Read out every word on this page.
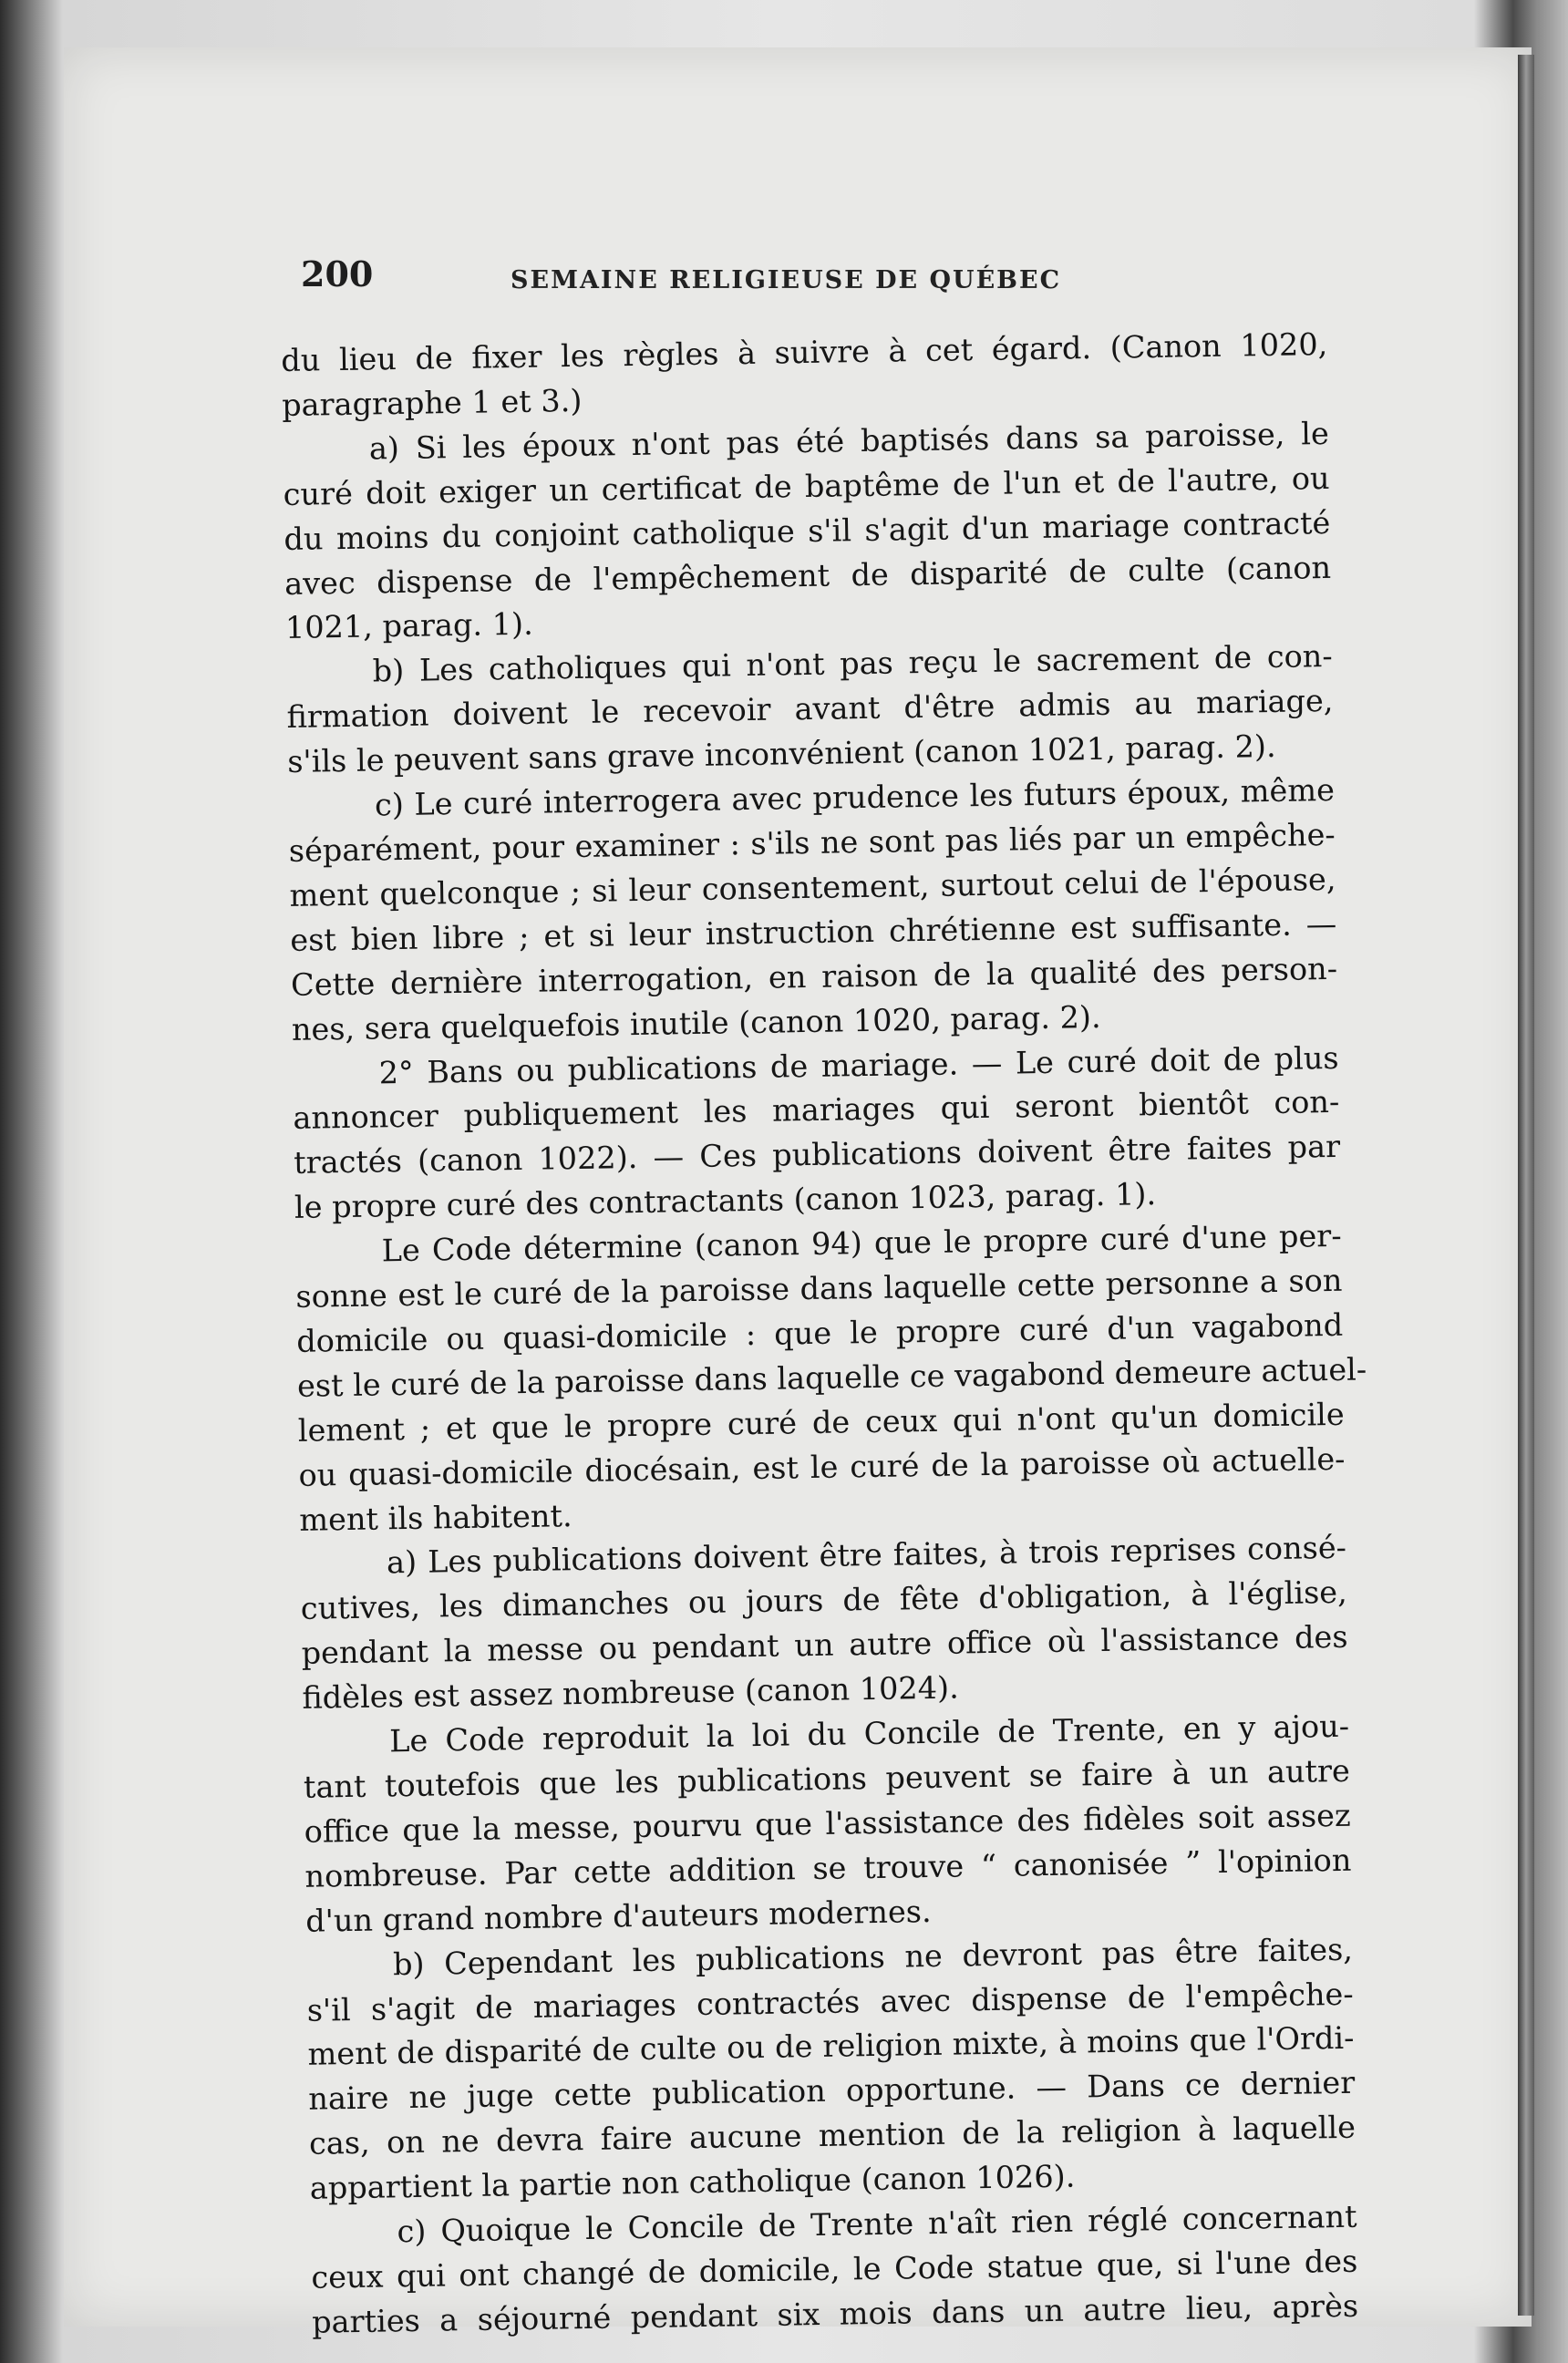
200	SEMAINE RELIGIEUSE DE QUÉBEC
du lieu de fixer les règles à suivre à cet égard. (Canon 1020,
paragraphe 1 et 3.)
a) Si les époux n'ont pas été baptisés dans sa paroisse, le
curé doit exiger un certificat de baptême de l'un et de l'autre, ou
du moins du conjoint catholique s'il s'agit d'un mariage contracté
avec dispense de l'empêchement de disparité de culte (canon
1021, parag. 1).
b) Les catholiques qui n'ont pas reçu le sacrement de con-
firmation doivent le recevoir avant d'être admis au mariage,
s'ils le peuvent sans grave inconvénient (canon 1021, parag. 2).
c) Le curé interrogera avec prudence les futurs époux, même
séparément, pour examiner : s'ils ne sont pas liés par un empêche-
ment quelconque ; si leur consentement, surtout celui de l'épouse,
est bien libre ; et si leur instruction chrétienne est suffisante. —
Cette dernière interrogation, en raison de la qualité des person-
nes, sera quelquefois inutile (canon 1020, parag. 2).
2° Bans ou publications de mariage. — Le curé doit de plus
annoncer publiquement les mariages qui seront bientôt con-
tractés (canon 1022). — Ces publications doivent être faites par
le propre curé des contractants (canon 1023, parag. 1).
Le Code détermine (canon 94) que le propre curé d'une per-
sonne est le curé de la paroisse dans laquelle cette personne a son
domicile ou quasi-domicile : que le propre curé d'un vagabond
est le curé de la paroisse dans laquelle ce vagabond demeure actuel-
lement ; et que le propre curé de ceux qui n'ont qu'un domicile
ou quasi-domicile diocésain, est le curé de la paroisse où actuelle-
ment ils habitent.
a) Les publications doivent être faites, à trois reprises consé-
cutives, les dimanches ou jours de fête d'obligation, à l'église,
pendant la messe ou pendant un autre office où l'assistance des
fidèles est assez nombreuse (canon 1024).
Le Code reproduit la loi du Concile de Trente, en y ajou-
tant toutefois que les publications peuvent se faire à un autre
office que la messe, pourvu que l'assistance des fidèles soit assez
nombreuse. Par cette addition se trouve “ canonisée ” l'opinion
d'un grand nombre d'auteurs modernes.
b) Cependant les publications ne devront pas être faites,
s'il s'agit de mariages contractés avec dispense de l'empêche-
ment de disparité de culte ou de religion mixte, à moins que l'Ordi-
naire ne juge cette publication opportune. — Dans ce dernier
cas, on ne devra faire aucune mention de la religion à laquelle
appartient la partie non catholique (canon 1026).
c) Quoique le Concile de Trente n'aît rien réglé concernant
ceux qui ont changé de domicile, le Code statue que, si l'une des
parties a séjourné pendant six mois dans un autre lieu, après
